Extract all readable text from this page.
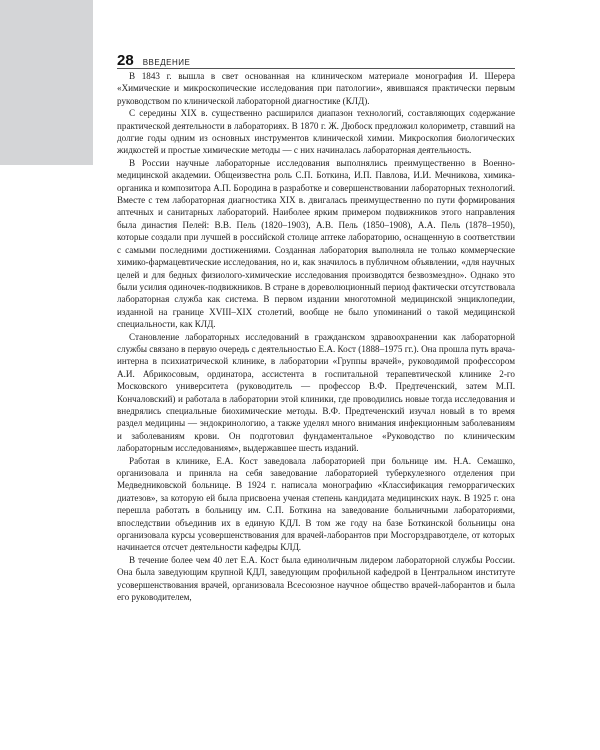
28 ВВЕДЕНИЕ

В 1843 г. вышла в свет основанная на клиническом материале монография И. Шерера «Химические и микроскопические исследования при патологии», явившаяся практически первым руководством по клинической лабораторной диагностике (КЛД).

С середины XIX в. существенно расширился диапазон технологий, составляющих содержание практической деятельности в лабораториях. В 1870 г. Ж. Дюбоск предложил колориметр, ставший на долгие годы одним из основных инструментов клинической химии. Микроскопия биологических жидкостей и простые химические методы — с них начиналась лабораторная деятельность.

В России научные лабораторные исследования выполнялись преимущественно в Военно-медицинской академии. Общеизвестна роль С.П. Боткина, И.П. Павлова, И.И. Мечникова, химика-органика и композитора А.П. Бородина в разработке и совершенствовании лабораторных технологий. Вместе с тем лабораторная диагностика XIX в. двигалась преимущественно по пути формирования аптечных и санитарных лабораторий. Наиболее ярким примером подвижников этого направления была династия Пелей: В.В. Пель (1820–1903), А.В. Пель (1850–1908), А.А. Пель (1878–1950), которые создали при лучшей в российской столице аптеке лабораторию, оснащенную в соответствии с самыми последними достижениями. Созданная лаборатория выполняла не только коммерческие химико-фармацевтические исследования, но и, как значилось в публичном объявлении, «для научных целей и для бедных физиолого-химические исследования производятся безвозмездно». Однако это были усилия одиночек-подвижников. В стране в дореволюционный период фактически отсутствовала лабораторная служба как система. В первом издании многотомной медицинской энциклопедии, изданной на границе XVIII–XIX столетий, вообще не было упоминаний о такой медицинской специальности, как КЛД.

Становление лабораторных исследований в гражданском здравоохранении как лабораторной службы связано в первую очередь с деятельностью Е.А. Кост (1888–1975 гг.). Она прошла путь врача-интерна в психиатрической клинике, в лаборатории «Группы врачей», руководимой профессором А.И. Абрикосовым, ординатора, ассистента в госпитальной терапевтической клинике 2-го Московского университета (руководитель — профессор В.Ф. Предтеченский, затем М.П. Кончаловский) и работала в лаборатории этой клиники, где проводились новые тогда исследования и внедрялись специальные биохимические методы. В.Ф. Предтеченский изучал новый в то время раздел медицины — эндокринологию, а также уделял много внимания инфекционным заболеваниям и заболеваниям крови. Он подготовил фундаментальное «Руководство по клиническим лабораторным исследованиям», выдержавшее шесть изданий.

Работая в клинике, Е.А. Кост заведовала лабораторией при больнице им. Н.А. Семашко, организовала и приняла на себя заведование лабораторией туберкулезного отделения при Медведниковской больнице. В 1924 г. написала монографию «Классификация геморрагических диатезов», за которую ей была присвоена ученая степень кандидата медицинских наук. В 1925 г. она перешла работать в больницу им. С.П. Боткина на заведование больничными лабораториями, впоследствии объединив их в единую КДЛ. В том же году на базе Боткинской больницы она организовала курсы усовершенствования для врачей-лаборантов при Мосгорздравотделе, от которых начинается отсчет деятельности кафедры КЛД.

В течение более чем 40 лет Е.А. Кост была единоличным лидером лабораторной службы России. Она была заведующим крупной КДЛ, заведующим профильной кафедрой в Центральном институте усовершенствования врачей, организовала Всесоюзное научное общество врачей-лаборантов и была его руководителем,
